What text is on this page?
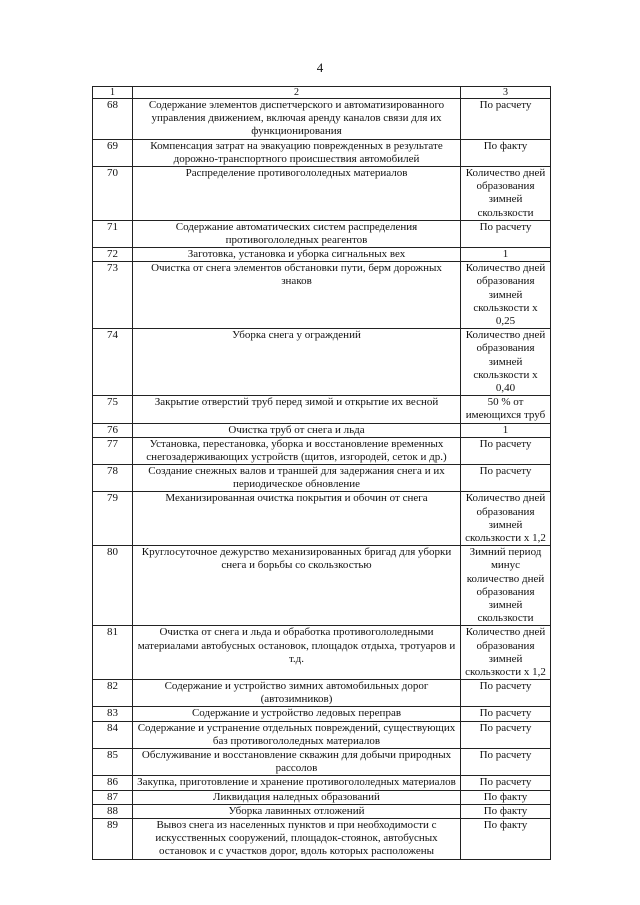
4
1	2	3
68	Содержание элементов диспетчерского и автоматизированного управления движением, включая аренду каналов связи для их функционирования	По расчету
69	Компенсация затрат на эвакуацию поврежденных в результате дорожно-транспортного происшествия автомобилей	По факту
70	Распределение противогололедных материалов	Количество дней образования зимней скользкости
71	Содержание автоматических систем распределения противогололедных реагентов	По расчету
72	Заготовка, установка и уборка сигнальных вех	1
73	Очистка от снега элементов обстановки пути, берм дорожных знаков	Количество дней образования зимней скользкости х 0,25
74	Уборка снега у ограждений	Количество дней образования зимней скользкости х 0,40
75	Закрытие отверстий труб перед зимой и открытие их весной	50 % от имеющихся труб
76	Очистка труб от снега и льда	1
77	Установка, перестановка, уборка и восстановление временных снегозадерживающих устройств (щитов, изгородей, сеток и др.)	По расчету
78	Создание снежных валов и траншей для задержания снега и их периодическое обновление	По расчету
79	Механизированная очистка покрытия и обочин от снега	Количество дней образования зимней скользкости х 1,2
80	Круглосуточное дежурство механизированных бригад для уборки снега и борьбы со скользкостью	Зимний период минус количество дней образования зимней скользкости
81	Очистка от снега и льда и обработка противогололедными материалами автобусных остановок, площадок отдыха, тротуаров и т.д.	Количество дней образования зимней скользкости х 1,2
82	Содержание и устройство зимних автомобильных дорог (автозимников)	По расчету
83	Содержание и устройство ледовых переправ	По расчету
84	Содержание и устранение отдельных повреждений, существующих баз противогололедных материалов	По расчету
85	Обслуживание и восстановление скважин для добычи природных рассолов	По расчету
86	Закупка, приготовление и хранение противогололедных материалов	По расчету
87	Ликвидация наледных образований	По факту
88	Уборка лавинных отложений	По факту
89	Вывоз снега из населенных пунктов и при необходимости с искусственных сооружений, площадок-стоянок, автобусных остановок и с участков дорог, вдоль которых расположены	По факту
